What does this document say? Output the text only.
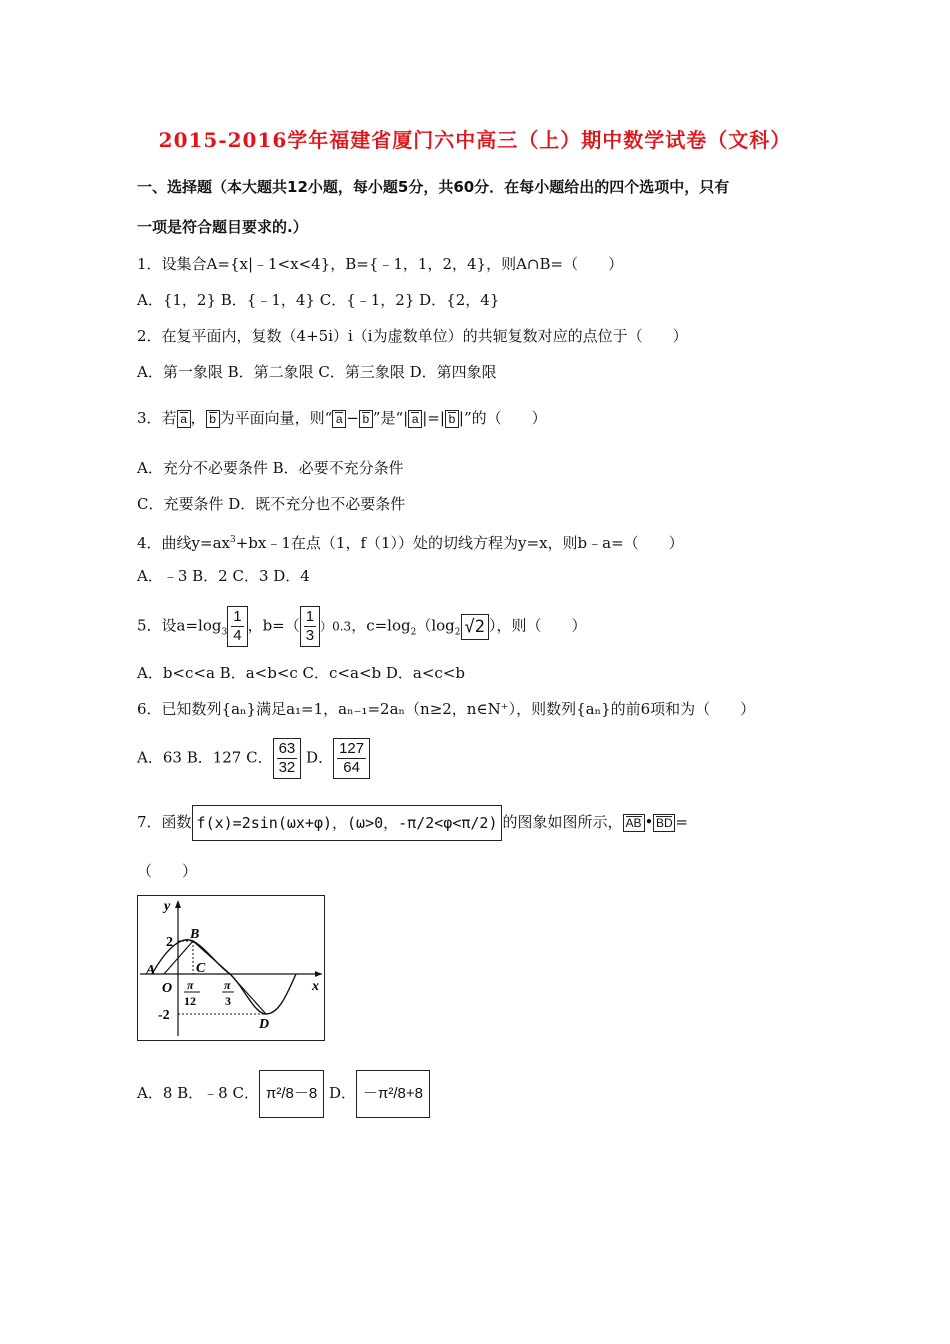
2015-2016学年福建省厦门六中高三（上）期中数学试卷（文科）
一、选择题（本大题共12小题，每小题5分，共60分．在每小题给出的四个选项中，只有
一项是符合题目要求的.）
1．设集合A={x|﹣1<x<4}，B={﹣1，1，2，4}，则A∩B=（　　）
A．{1，2} B．{﹣1，4} C．{﹣1，2} D．{2，4}
2．在复平面内，复数（4+5i）i（i为虚数单位）的共轭复数对应的点位于（　　）
A．第一象限 B．第二象限 C．第三象限 D．第四象限
3．若 a ， b 为平面向量，则“ a − b ”是“| a |=| b |”的（　　）
A．充分不必要条件 B．必要不充分条件
C．充要条件 D．既不充分也不必要条件
4．曲线$y=ax^3+bx﹣1$在点（1，f（1））处的切线方程为y=x，则b﹣a=（　　）
A．﹣3 B．2 C．3 D．4
5．设$a=\log_3 \frac{1}{4}$ ，$b=( \frac{1}{3} )0.3$，$c=\log_2(\log_2$ √2 ），则（　　）
A．b<c<a B．a<b<c C．c<a<b D．a<c<b
6．已知数列{aₙ}满足a₁=1，aₙ₋₁=2aₙ（n≥2，n∈N⁺），则数列{aₙ}的前6项和为（　　）
A．63 B．127 C． $\frac{63}{32}$ D． $\frac{127}{64}$
7．函数 f(x)=2sin(ωx+φ)，(ω>0，-π/2<φ<π/2) 的图象如图所示， AB • BD =
（　　）
y
x
O
2
-2
A
B
C
D
π
12
π
3
A．8 B．﹣8 C． π²/8－8 D． －π²/8+8
